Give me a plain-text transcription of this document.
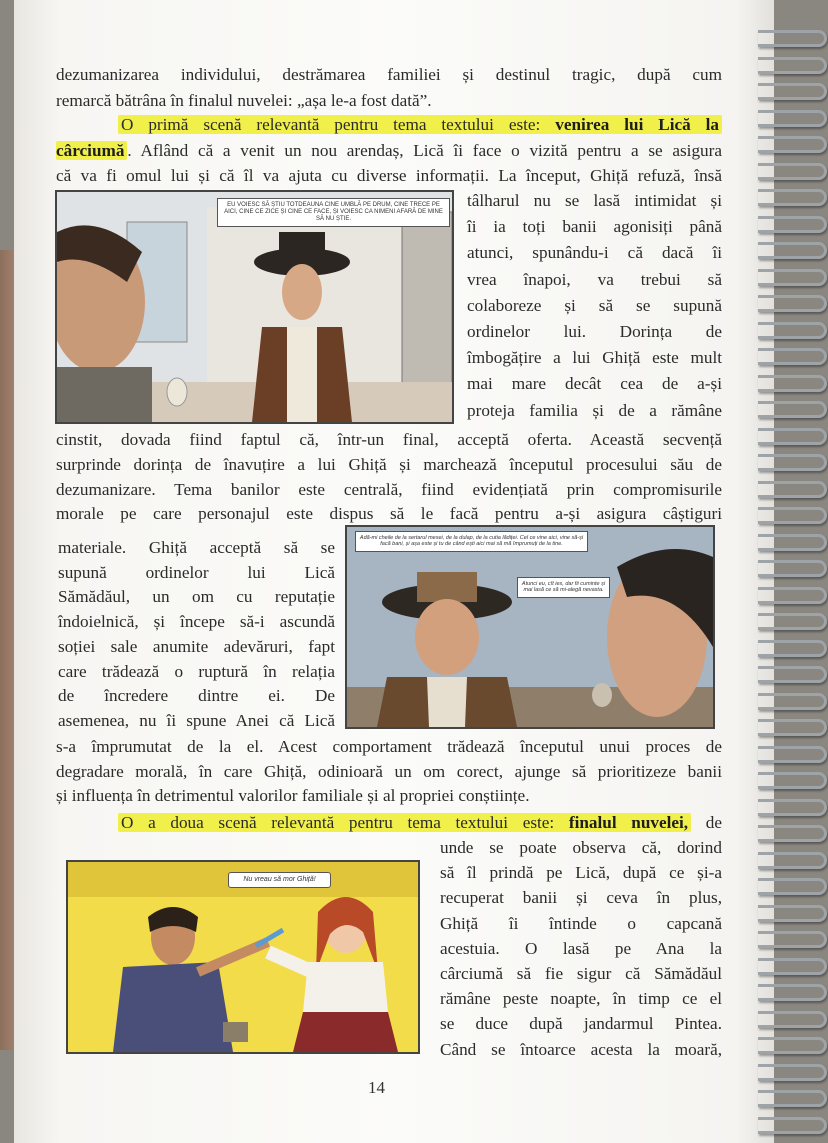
dezumanizarea individului, destrămarea familiei și destinul tragic, după cum
remarcă bătrâna în finalul nuvelei: „așa le-a fost dată”.
O primă scenă relevantă pentru tema textului este: venirea lui Lică la
cârciumă . Aflând că a venit un nou arendaș, Lică îi face o vizită pentru a se asigura
că va fi omul lui și că îl va ajuta cu diverse informații. La început, Ghiță refuză, însă
tâlharul nu se lasă intimidat și
îi ia toți banii agonisiți până
atunci, spunându-i că dacă îi
vrea înapoi, va trebui să
colaboreze și să se supună
ordinelor lui. Dorința de
îmbogățire a lui Ghiță este mult
mai mare decât cea de a-și
proteja familia și de a rămâne
cinstit, dovada fiind faptul că, într-un final, acceptă oferta. Această secvență
surprinde dorința de înavuțire a lui Ghiță și marchează începutul procesului său de
dezumanizare. Tema banilor este centrală, fiind evidențiată prin compromisurile
morale pe care personajul este dispus să le facă pentru a-și asigura câștiguri
materiale. Ghiță acceptă să se
supună ordinelor lui Lică
Sămădăul, un om cu reputație
îndoielnică, și începe să-i ascundă
soției sale anumite adevăruri, fapt
care trădează o ruptură în relația
de încredere dintre ei. De
asemenea, nu îi spune Anei că Lică
s-a împrumutat de la el. Acest comportament trădează începutul unui proces de
degradare morală, în care Ghiță, odinioară un om corect, ajunge să prioritizeze banii
și influența în detrimentul valorilor familiale și al propriei conștiințe.
O a doua scenă relevantă pentru tema textului este: finalul nuvelei, de
unde se poate observa că, dorind
să îl prindă pe Lică, după ce și-a
recuperat banii și ceva în plus,
Ghiță îi întinde o capcană
acestuia. O lasă pe Ana la
cârciumă să fie sigur că Sămădăul
rămâne peste noapte, în timp ce el
se duce după jandarmul Pintea.
Când se întoarce acesta la moară,
EU VOIESC SĂ ȘTIU TOTDEAUNA CINE UMBLĂ PE DRUM, CINE TRECE PE AICI, CINE CE ZICE ȘI CINE CE FACE, ȘI VOIESC CA NIMENI AFARĂ DE MINE SĂ NU ȘTIE.
Adă-mi cheile de la sertarul mesei, de la dulap, de la cutia lădiței. Cel ce vine aici, vine să-și facă bani, și așa este și tu de când ești aici mai să mă împrumuți de la tine.
Atunci eu, cît ies, dar fii cuminte și mai lasă ce să mi-alegă nevasta.
Nu vreau să mor Ghiță!
14
